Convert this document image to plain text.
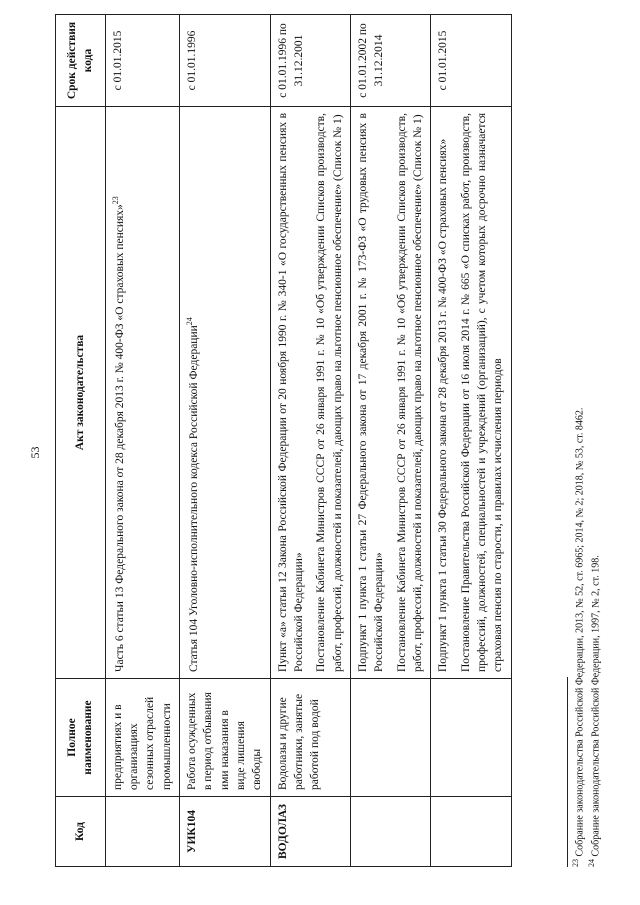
53
Код	Полное наименование	Акт законодательства	Срок действия кода
	предприятиях и в организациях сезонных отраслей промышленности	Часть 6 статьи 13 Федерального закона от 28 декабря 2013 г. № 400-ФЗ «О страховых пенсиях»$^{23}$	с 01.01.2015
УИК104	Работа осужденных в период отбывания ими наказания в виде лишения свободы	Статья 104 Уголовно-исполнительного кодекса Российской Федерации$^{24}$	с 01.01.1996
ВОДОЛАЗ	Водолазы и другие работники, занятые работой под водой	Пункт «а» статьи 12 Закона Российской Федерации от 20 ноября 1990 г. № 340-1 «О государственных пенсиях в Российской Федерации» Постановление Кабинета Министров СССР от 26 января 1991 г. № 10 «Об утверждении Списков производств, работ, профессий, должностей и показателей, дающих право на льготное пенсионное обеспечение» (Список № 1)	с 01.01.1996 по 31.12.2001

		Подпункт 1 пункта 1 статьи 27 Федерального закона от 17 декабря 2001 г. № 173-ФЗ «О трудовых пенсиях в Российской Федерации» Постановление Кабинета Министров СССР от 26 января 1991 г. № 10 «Об утверждении Списков производств, работ, профессий, должностей и показателей, дающих право на льготное пенсионное обеспечение» (Список № 1)	с 01.01.2002 по 31.12.2014

		Подпункт 1 пункта 1 статьи 30 Федерального закона от 28 декабря 2013 г. № 400-ФЗ «О страховых пенсиях» Постановление Правительства Российской Федерации от 16 июля 2014 г. № 665 «О списках работ, производств, профессий, должностей, специальностей и учреждений (организаций), с учетом которых досрочно назначается страховая пенсия по старости, и правилах исчисления периодов	с 01.01.2015
$^{23}$ Собрание законодательства Российской Федерации, 2013, № 52, ст. 6965; 2014, № 2; 2018, № 53, ст. 8462.
$^{24}$ Собрание законодательства Российской Федерации, 1997, № 2, ст. 198.
